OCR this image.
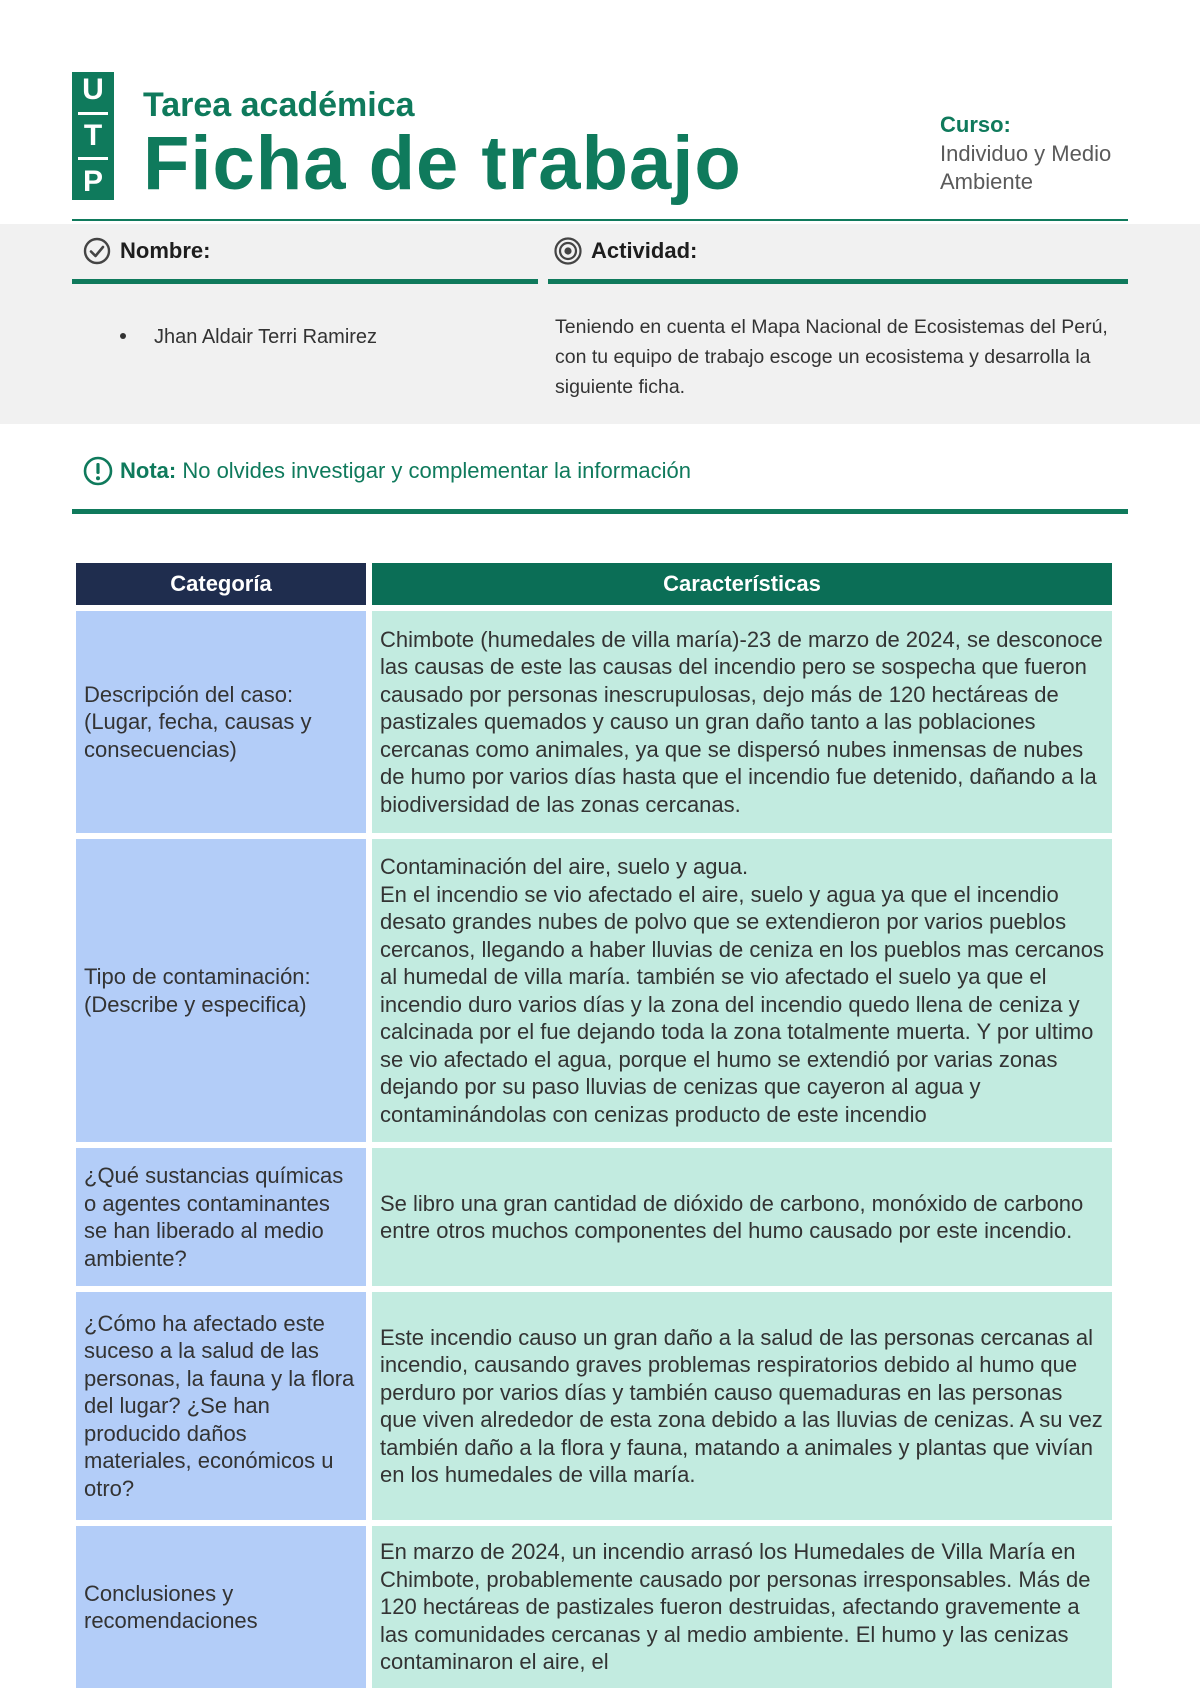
U
T
P
Tarea académica
Ficha de trabajo	Curso:
Individuo y Medio Ambiente
Nombre:	Actividad:
Jhan Aldair Terri Ramirez	Teniendo en cuenta el Mapa Nacional de Ecosistemas del Perú, con tu equipo de trabajo escoge un ecosistema y desarrolla la siguiente ficha.
Nota: No olvides investigar y complementar la información
Categoría	Características
Descripción del caso: (Lugar, fecha, causas y consecuencias)	Chimbote (humedales de villa maría)-23 de marzo de 2024, se desconoce las causas de este las causas del incendio pero se sospecha que fueron causado por personas inescrupulosas, dejo más de 120 hectáreas de pastizales quemados y causo un gran daño tanto a las poblaciones cercanas como animales, ya que se dispersó nubes inmensas de nubes de humo por varios días hasta que el incendio fue detenido, dañando a la biodiversidad de las zonas cercanas.
Tipo de contaminación: (Describe y especifica)	Contaminación del aire, suelo y agua.
En el incendio se vio afectado el aire, suelo y agua ya que el incendio desato grandes nubes de polvo que se extendieron por varios pueblos cercanos, llegando a haber lluvias de ceniza en los pueblos mas cercanos al humedal de villa maría. también se vio afectado el suelo ya que el incendio duro varios días y la zona del incendio quedo llena de ceniza y calcinada por el fue dejando toda la zona totalmente muerta. Y por ultimo se vio afectado el agua, porque el humo se extendió por varias zonas dejando por su paso lluvias de cenizas que cayeron al agua y contaminándolas con cenizas producto de este incendio

¿Qué sustancias químicas o agentes contaminantes se han liberado al medio ambiente?	Se libro una gran cantidad de dióxido de carbono, monóxido de carbono entre otros muchos componentes del humo causado por este incendio.
¿Cómo ha afectado este suceso a la salud de las personas, la fauna y la flora del lugar? ¿Se han producido daños materiales, económicos u otro?	Este incendio causo un gran daño a la salud de las personas cercanas al incendio, causando graves problemas respiratorios debido al humo que perduro por varios días y también causo quemaduras en las personas que viven alrededor de esta zona debido a las lluvias de cenizas. A su vez también daño a la flora y fauna, matando a animales y plantas que vivían en los humedales de villa maría.
Conclusiones y recomendaciones	En marzo de 2024, un incendio arrasó los Humedales de Villa María en Chimbote, probablemente causado por personas irresponsables. Más de 120 hectáreas de pastizales fueron destruidas, afectando gravemente a las comunidades cercanas y al medio ambiente. El humo y las cenizas contaminaron el aire, el
